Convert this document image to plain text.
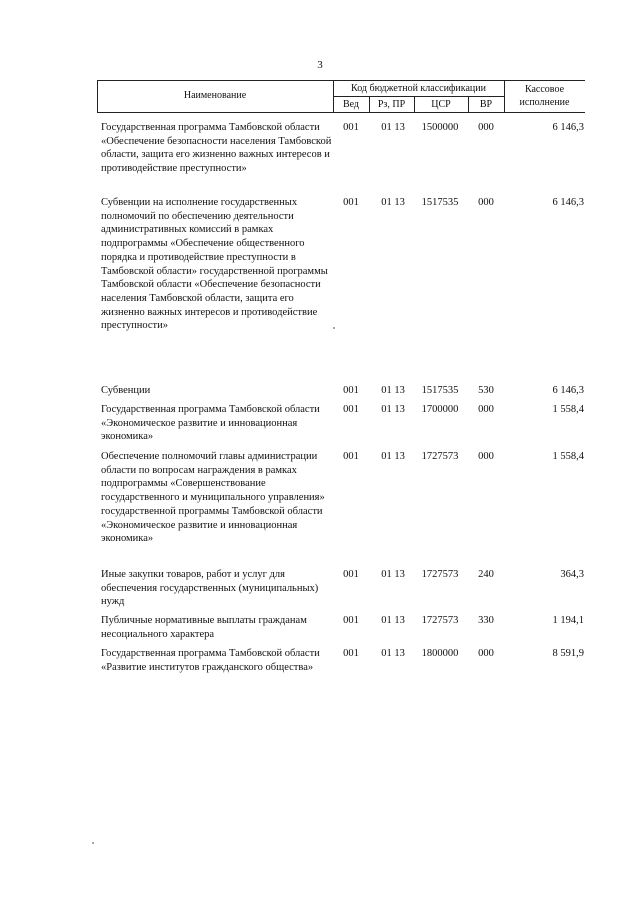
3
Наименование
Код бюджетной классификации
Вед	Рз, ПР	ЦСР	ВР
Кассовое
исполнение
Государственная программа Тамбовской области «Обеспечение безопасности населения Тамбовской области, защита его жизненно важных интересов и противодействие преступности»
001	01 13	1500000	000	6 146,3
Субвенции на исполнение государственных полномочий по обеспечению деятельности административных комиссий в рамках подпрограммы «Обеспечение общественного порядка и противодействие преступности в Тамбовской области» государственной программы Тамбовской области «Обеспечение безопасности населения Тамбовской области, защита его жизненно важных интересов и противодействие преступности»
001	01 13	1517535	000	6 146,3
Субвенции	001	01 13	1517535	530	6 146,3
Государственная программа Тамбовской области «Экономическое развитие и инновационная экономика»
001	01 13	1700000	000	1 558,4
Обеспечение полномочий главы администрации области по вопросам награждения в рамках подпрограммы «Совершенствование государственного и муниципального управления» государственной программы Тамбовской области «Экономическое развитие и инновационная экономика»
001	01 13	1727573	000	1 558,4
Иные закупки товаров, работ и услуг для обеспечения государственных (муниципальных) нужд
001	01 13	1727573	240	364,3
Публичные нормативные выплаты гражданам несоциального характера
001	01 13	1727573	330	1 194,1
Государственная программа Тамбовской области «Развитие институтов гражданского общества»
001	01 13	1800000	000	8 591,9
